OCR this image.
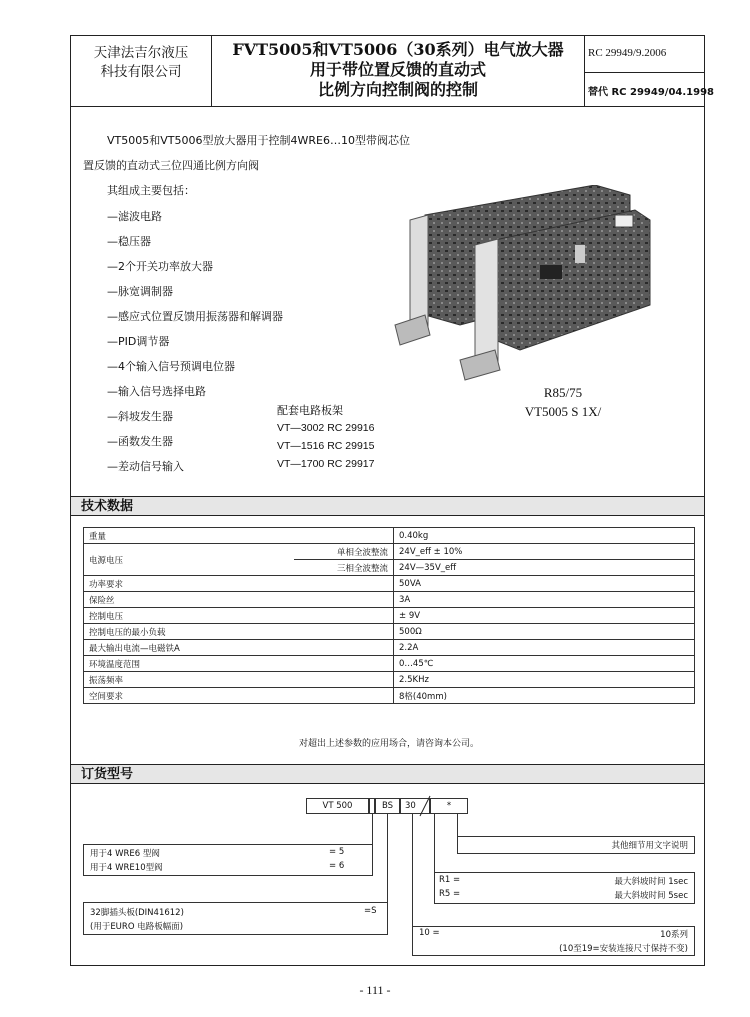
天津法吉尔液压
科技有限公司
FVT5005和VT5006（30系列）电气放大器
用于带位置反馈的直动式
比例方向控制阀的控制
RC 29949/9.2006
替代 RC 29949/04.1998
VT5005和VT5006型放大器用于控制4WRE6…10型带阀芯位
置反馈的直动式三位四通比例方向阀
其组成主要包括：
—滤波电路
—稳压器
—2个开关功率放大器
—脉宽调制器
—感应式位置反馈用振荡器和解调器
—PID调节器
—4个输入信号预调电位器
—输入信号选择电路
—斜坡发生器
—函数发生器
—差动信号输入
配套电路板架
VT—3002 RC 29916
VT—1516 RC 29915
VT—1700 RC 29917
R85/75
VT5005 S 1X/
技术数据
重量		0.40kg
电源电压	单相全波整流	24V_eff ± 10%
	三相全波整流	24V—35V_eff
功率要求		50VA
保险丝		3A
控制电压		± 9V
控制电压的最小负载		500Ω
最大输出电流—电磁铁A		2.2A
环境温度范围		0…45℃
振荡频率		2.5KHz
空间要求		8格(40mm)
对超出上述参数的应用场合，请咨询本公司。
订货型号
VT 500	BS	30	*
用于4 WRE6 型阀
用于4 WRE10型阀
= 5
= 6
32脚插头板(DIN41612)
(用于EURO 电路板幅面)
=S
其他细节用文字说明
R1 =	最大斜坡时间 1sec
R5 =	最大斜坡时间 5sec
10 =	10系列
(10至19=安装连接尺寸保持不变)
- 111 -
